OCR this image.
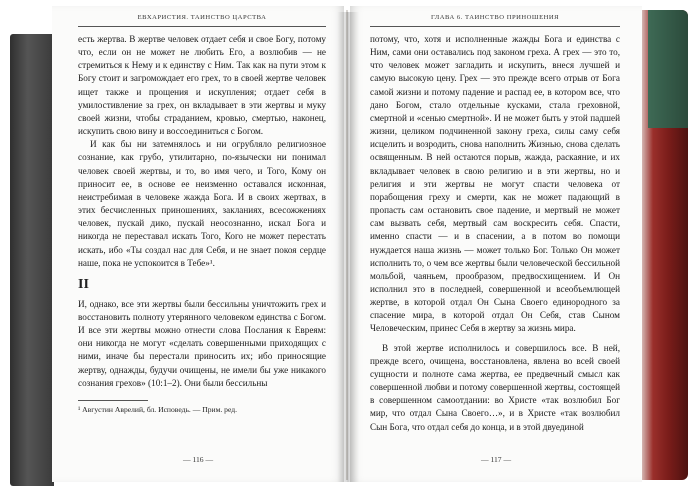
ЕВХАРИСТИЯ. ТАИНСТВО ЦАРСТВА

есть жертва. В жертве человек отдает себя и свое Богу, потому что, если он не может не любить Его, а возлюбив — не стремиться к Нему и к единству с Ним. Так как на пути этом к Богу стоит и загромождает его грех, то в своей жертве человек ищет также и прощения и искупления; отдает себя в умилостивление за грех, он вкладывает в эти жертвы и муку своей жизни, чтобы страданием, кровью, смертью, наконец, искупить свою вину и воссоединиться с Богом.

И как бы ни затемнялось и ни огрубляло религиозное сознание, как грубо, утилитарно, по-язычески ни понимал человек своей жертвы, и то, во имя чего, и Того, Кому он приносит ее, в основе ее неизменно оставался исконная, неистребимая в человеке жажда Бога. И в своих жертвах, в этих бесчисленных приношениях, закланиях, всесожжениях человек, пускай дико, пускай неосознанно, искал Бога и никогда не переставал искать Того, Кого не может перестать искать, ибо «Ты создал нас для Себя, и не знает покоя сердце наше, пока не успокоится в Тебе»¹.

II

И, однако, все эти жертвы были бессильны уничтожить грех и восстановить полноту утерянного человеком единства с Богом. И все эти жертвы можно отнести слова Послания к Евреям: они никогда не могут «сделать совершенными приходящих с ними, иначе бы перестали приносить их; ибо приносящие жертву, однажды, будучи очищены, не имели бы уже никакого сознания грехов» (10:1–2). Они были бессильны

¹ Августин Аврелий, бл. Исповедь. — Прим. ред.
— 116 —
ГЛАВА 6. ТАИНСТВО ПРИНОШЕНИЯ

потому, что, хотя и исполненные жажды Бога и единства с Ним, сами они оставались под законом греха. А грех — это то, что человек может загладить и искупить, внеся лучшей и самую высокую цену. Грех — это прежде всего отрыв от Бога самой жизни и потому падение и распад ее, в котором все, что дано Богом, стало отдельные кусками, стала греховной, смертной и «сенью смертной». И не может быть у этой падшей жизни, целиком подчиненной закону греха, силы саму себя исцелить и возродить, снова наполнить Жизнью, снова сделать освященным. В ней остаются порыв, жажда, раскаяние, и их вкладывает человек в свою религию и в эти жертвы, но и религия и эти жертвы не могут спасти человека от порабощения греху и смерти, как не может падающий в пропасть сам остановить свое падение, и мертвый не может сам вызвать себя, мертвый сам воскресить себя. Спасти, именно спасти — и в спасении, а в потом во помощи нуждается наша жизнь — может только Бог. Только Он может исполнить то, о чем все жертвы были человеческой бессильной мольбой, чаяньем, прообразом, предвосхищением. И Он исполнил это в последней, совершенной и всеобъемлющей жертве, в которой отдал Он Сына Своего единородного за спасение мира, в которой отдал Он Себя, став Сыном Человеческим, принес Себя в жертву за жизнь мира.

В этой жертве исполнилось и совершилось все. В ней, прежде всего, очищена, восстановлена, явлена во всей своей сущности и полноте сама жертва, ее предвечный смысл как совершенной любви и потому совершенной жертвы, состоящей в совершенном самоотдании: во Христе «так возлюбил Бог мир, что отдал Сына Своего…», и в Христе «так возлюбил Сын Бога, что отдал себя до конца, и в этой двуединой

— 117 —
